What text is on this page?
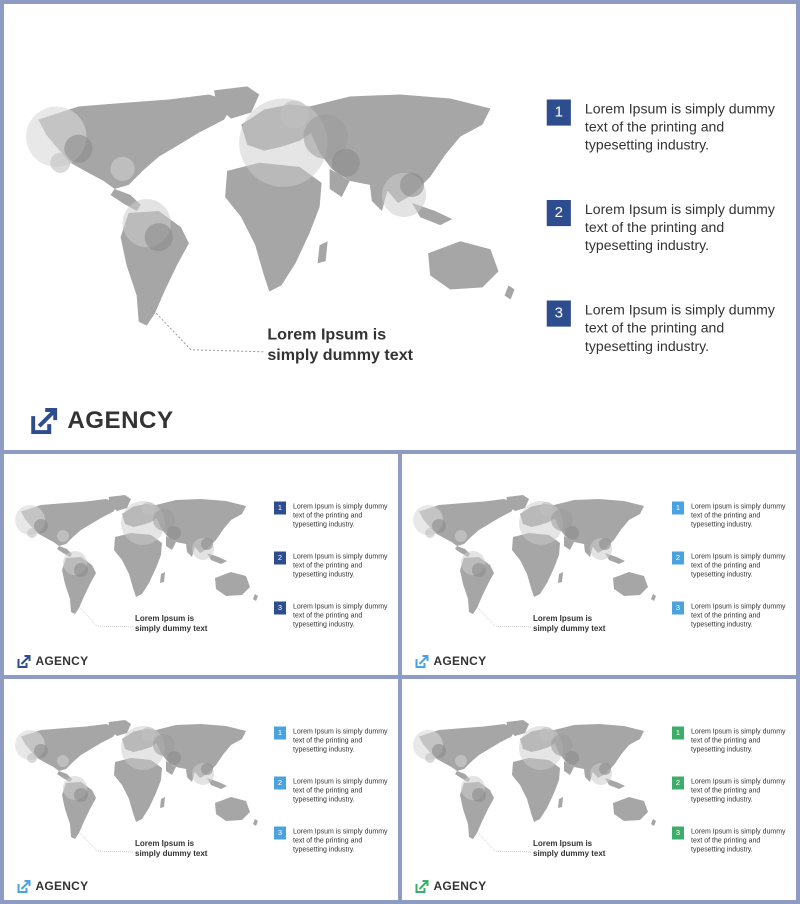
Lorem Ipsum is
simply dummy text
1	Lorem Ipsum is simply dummy text of the printing and typesetting industry.
2	Lorem Ipsum is simply dummy text of the printing and typesetting industry.
3	Lorem Ipsum is simply dummy text of the printing and typesetting industry.
AGENCY
Lorem Ipsum is
simply dummy text
1 Lorem Ipsum is simply dummy text of the printing and typesetting industry.
2 Lorem Ipsum is simply dummy text of the printing and typesetting industry.
3 Lorem Ipsum is simply dummy text of the printing and typesetting industry.
AGENCY
Lorem Ipsum is
simply dummy text
1 Lorem Ipsum is simply dummy text of the printing and typesetting industry.
2 Lorem Ipsum is simply dummy text of the printing and typesetting industry.
3 Lorem Ipsum is simply dummy text of the printing and typesetting industry.
AGENCY
Lorem Ipsum is
simply dummy text
1 Lorem Ipsum is simply dummy text of the printing and typesetting industry.
2 Lorem Ipsum is simply dummy text of the printing and typesetting industry.
3 Lorem Ipsum is simply dummy text of the printing and typesetting industry.
AGENCY
Lorem Ipsum is
simply dummy text
1 Lorem Ipsum is simply dummy text of the printing and typesetting industry.
2 Lorem Ipsum is simply dummy text of the printing and typesetting industry.
3 Lorem Ipsum is simply dummy text of the printing and typesetting industry.
AGENCY
